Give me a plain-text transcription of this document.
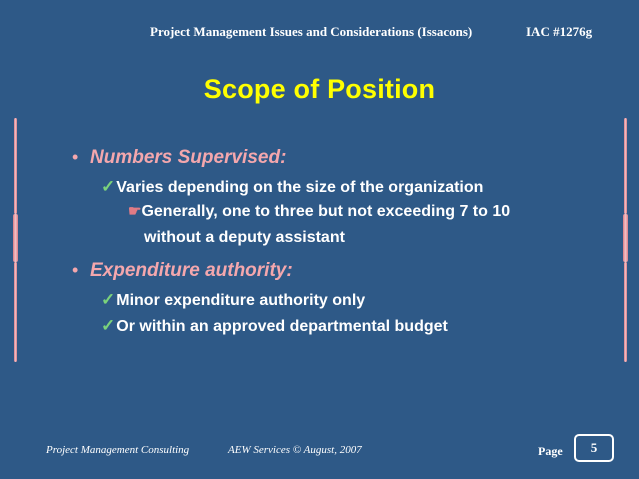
Project Management Issues and Considerations (Issacons)	IAC #1276g
Scope of Position
• Numbers Supervised:
✓Varies depending on the size of the organization
☛Generally, one to three but not exceeding 7 to 10
without a deputy assistant
• Expenditure authority:
✓Minor expenditure authority only
✓Or within an approved departmental budget
Project Management Consulting	AEW Services © August, 2007	Page	5
